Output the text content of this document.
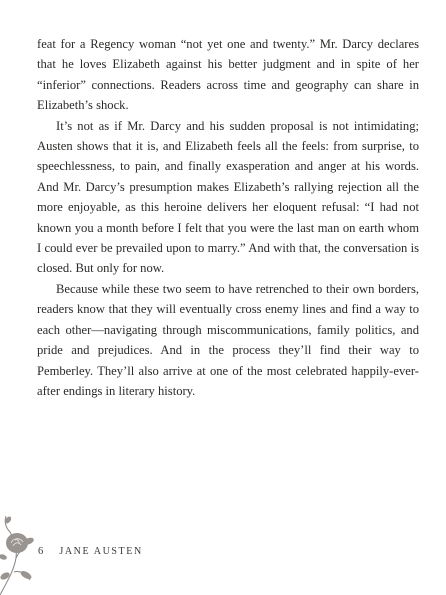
feat for a Regency woman “not yet one and twenty.” Mr. Darcy declares that he loves Elizabeth against his better judgment and in spite of her “inferior” connections. Readers across time and geography can share in Elizabeth’s shock.

It’s not as if Mr. Darcy and his sudden proposal is not intimidating; Austen shows that it is, and Elizabeth feels all the feels: from surprise, to speechlessness, to pain, and finally exasperation and anger at his words. And Mr. Darcy’s presumption makes Elizabeth’s rallying rejection all the more enjoyable, as this heroine delivers her eloquent refusal: “I had not known you a month before I felt that you were the last man on earth whom I could ever be prevailed upon to marry.” And with that, the conversation is closed. But only for now.

Because while these two seem to have retrenched to their own borders, readers know that they will eventually cross enemy lines and find a way to each other—navigating through miscommunications, family politics, and pride and prejudices. And in the process they’ll find their way to Pemberley. They’ll also arrive at one of the most celebrated happily-ever-after endings in literary history.

6 JANE AUSTEN
